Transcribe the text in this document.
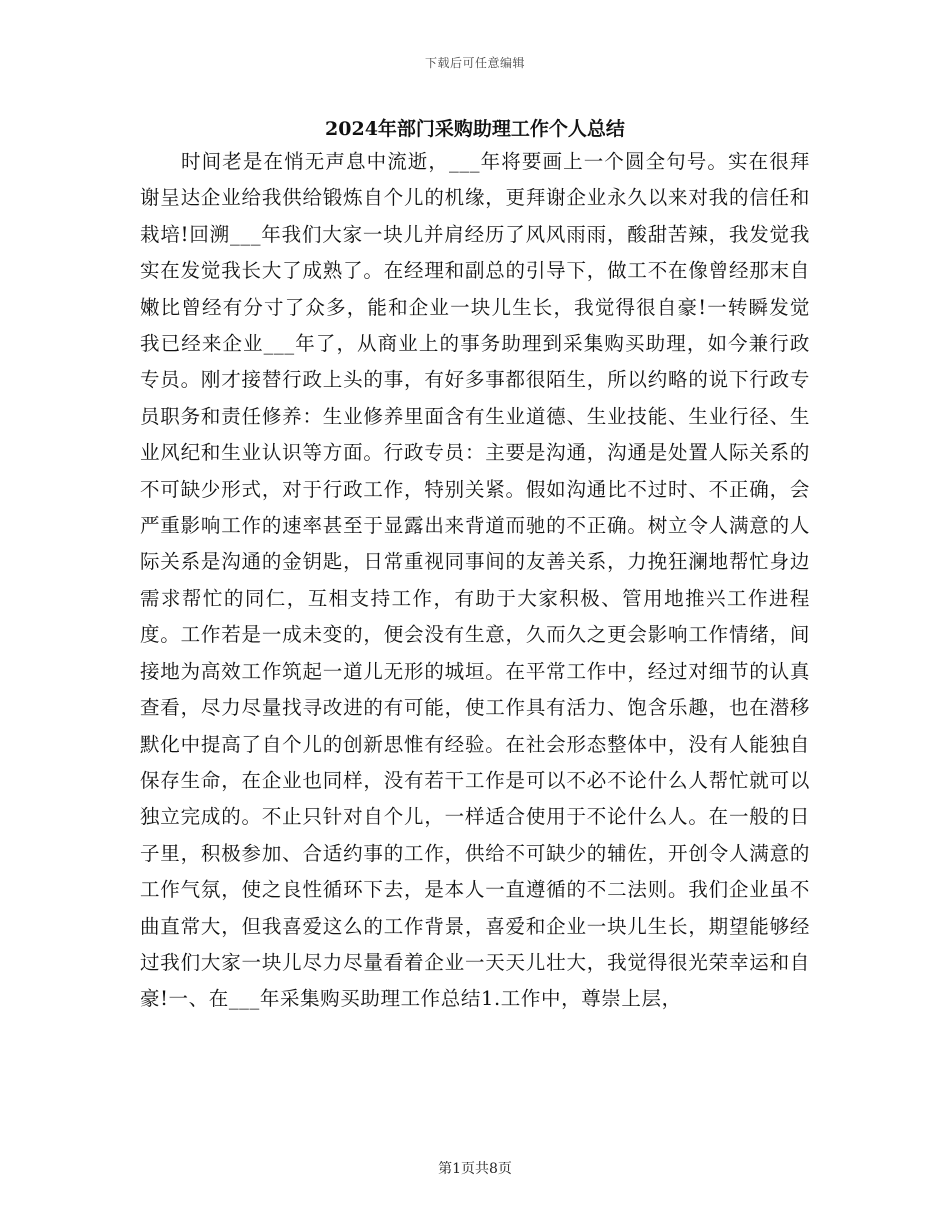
下载后可任意编辑
2024年部门采购助理工作个人总结

时间老是在悄无声息中流逝，___年将要画上一个圆全句号。实在很拜谢呈达企业给我供给锻炼自个儿的机缘，更拜谢企业永久以来对我的信任和栽培!回溯___年我们大家一块儿并肩经历了风风雨雨，酸甜苦辣，我发觉我实在发觉我长大了成熟了。在经理和副总的引导下，做工不在像曾经那末自嫩比曾经有分寸了众多，能和企业一块儿生长，我觉得很自豪!一转瞬发觉我已经来企业___年了，从商业上的事务助理到采集购买助理，如今兼行政专员。刚才接替行政上头的事，有好多事都很陌生，所以约略的说下行政专员职务和责任修养：生业修养里面含有生业道德、生业技能、生业行径、生业风纪和生业认识等方面。行政专员：主要是沟通，沟通是处置人际关系的不可缺少形式，对于行政工作，特别关紧。假如沟通比不过时、不正确，会严重影响工作的速率甚至于显露出来背道而驰的不正确。树立令人满意的人际关系是沟通的金钥匙，日常重视同事间的友善关系，力挽狂澜地帮忙身边需求帮忙的同仁，互相支持工作，有助于大家积极、管用地推兴工作进程度。工作若是一成未变的，便会没有生意，久而久之更会影响工作情绪，间接地为高效工作筑起一道儿无形的城垣。在平常工作中，经过对细节的认真查看，尽力尽量找寻改进的有可能，使工作具有活力、饱含乐趣，也在潜移默化中提高了自个儿的创新思惟有经验。在社会形态整体中，没有人能独自保存生命，在企业也同样，没有若干工作是可以不必不论什么人帮忙就可以独立完成的。不止只针对自个儿，一样适合使用于不论什么人。在一般的日子里，积极参加、合适约事的工作，供给不可缺少的辅佐，开创令人满意的工作气氛，使之良性循环下去，是本人一直遵循的不二法则。我们企业虽不曲直常大，但我喜爱这么的工作背景，喜爱和企业一块儿生长，期望能够经过我们大家一块儿尽力尽量看着企业一天天儿壮大，我觉得很光荣幸运和自豪!一、在___年采集购买助理工作总结1.工作中，尊崇上层，

第1页共8页
